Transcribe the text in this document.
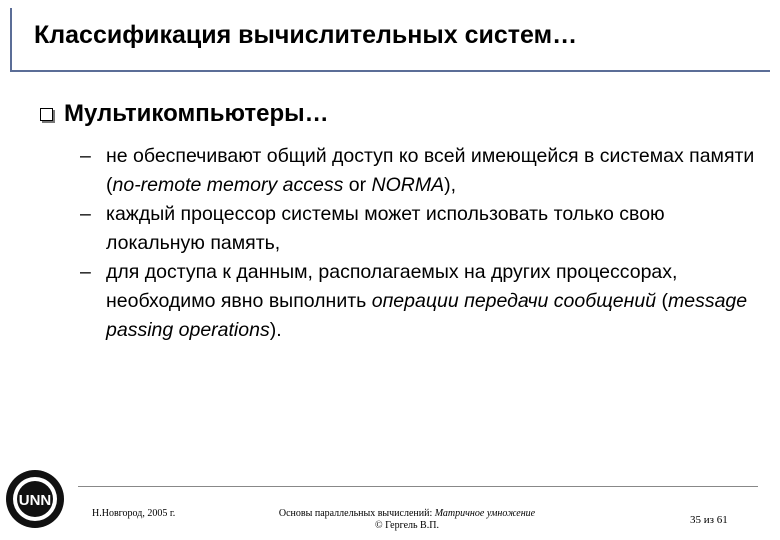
Классификация вычислительных систем…
Мультикомпьютеры…

– не обеспечивают общий доступ ко всей имеющейся в системах памяти (no-remote memory access or NORMA),

– каждый процессор системы может использовать только свою локальную память,

– для доступа к данным, располагаемых на других процессорах, необходимо явно выполнить операции передачи сообщений (message passing operations).

UNN
Н.Новгород, 2005 г.	Основы параллельных вычислений: Матричное умножение
© Гергель В.П.	35 из 61
